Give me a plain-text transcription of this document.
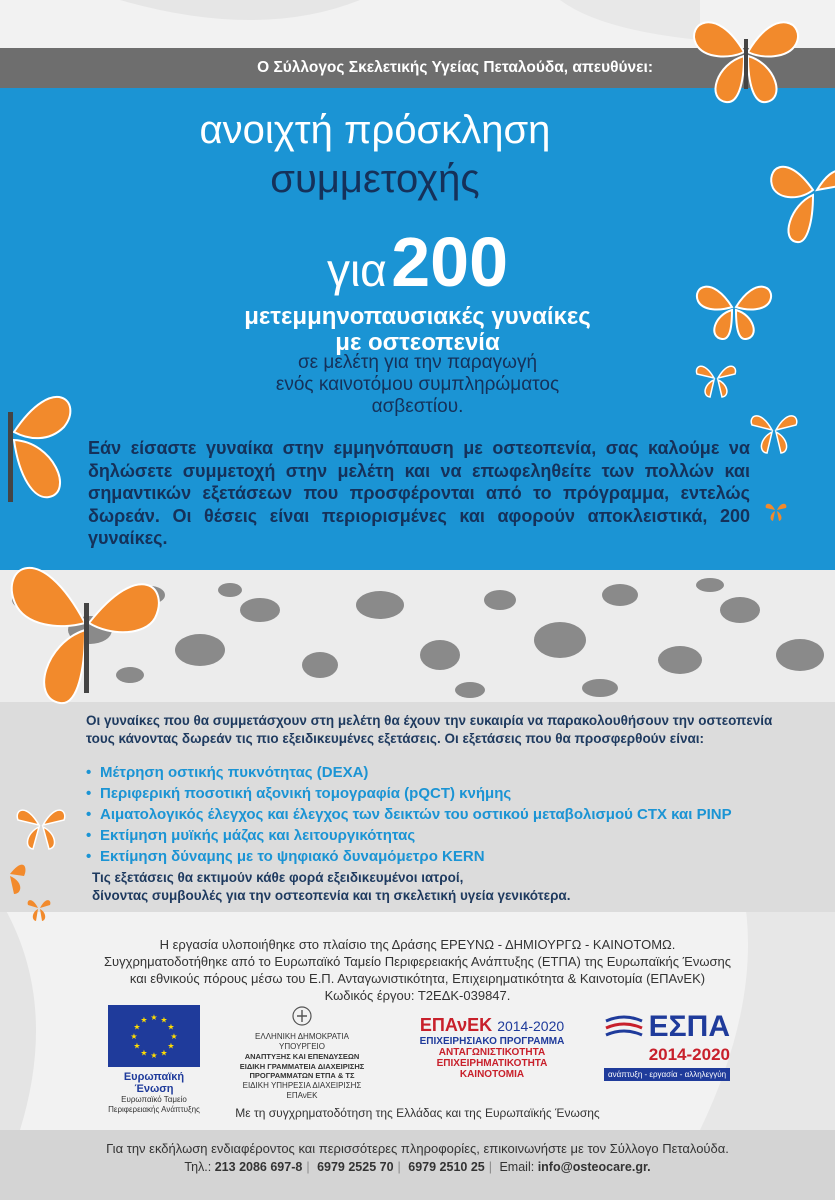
Ο Σύλλογος Σκελετικής Υγείας Πεταλούδα, απευθύνει:
ανοιχτή πρόσκληση
συμμετοχής
για 200
μετεμμηνοπαυσιακές γυναίκες
με οστεοπενία
σε μελέτη για την παραγωγή
ενός καινοτόμου συμπληρώματος
ασβεστίου.
Εάν είσαστε γυναίκα στην εμμηνόπαυση με οστεοπενία, σας καλούμε να δηλώσετε συμμετοχή στην μελέτη και να επωφεληθείτε των πολλών και σημαντικών εξετάσεων που προσφέρονται από το πρόγραμμα, εντελώς δωρεάν. Οι θέσεις είναι περιορισμένες και αφορούν αποκλειστικά, 200 γυναίκες.
Οι γυναίκες που θα συμμετάσχουν στη μελέτη θα έχουν την ευκαιρία να παρακολουθήσουν την οστεοπενία τους κάνοντας δωρεάν τις πιο εξειδικευμένες εξετάσεις. Οι εξετάσεις που θα προσφερθούν είναι:
• Μέτρηση οστικής πυκνότητας (DEXA)
• Περιφερική ποσοτική αξονική τομογραφία (pQCT) κνήμης
• Αιματολογικός έλεγχος και έλεγχος των δεικτών του οστικού μεταβολισμού CTX και PINP
• Εκτίμηση μυϊκής μάζας και λειτουργικότητας
• Εκτίμηση δύναμης με το ψηφιακό δυναμόμετρο KERN
Τις εξετάσεις θα εκτιμούν κάθε φορά εξειδικευμένοι ιατροί,
δίνοντας συμβουλές για την οστεοπενία και τη σκελετική υγεία γενικότερα.
Η εργασία υλοποιήθηκε στο πλαίσιο της Δράσης ΕΡΕΥΝΩ - ΔΗΜΙΟΥΡΓΩ - ΚΑΙΝΟΤΟΜΩ.
Συγχρηματοδοτήθηκε από το Ευρωπαϊκό Ταμείο Περιφερειακής Ανάπτυξης (ΕΤΠΑ) της Ευρωπαϊκής Ένωσης
και εθνικούς πόρους μέσω του Ε.Π. Ανταγωνιστικότητα, Επιχειρηματικότητα & Καινοτομία (ΕΠΑνΕΚ)
Κωδικός έργου: Τ2ΕΔΚ-039847.
★ ★
★
★
★
★
★
★
★
★
★
★
Ευρωπαϊκή Ένωση
Ευρωπαϊκό Ταμείο
Περιφερειακής Ανάπτυξης
ΕΛΛΗΝΙΚΗ ΔΗΜΟΚΡΑΤΙΑ
ΥΠΟΥΡΓΕΙΟ
ΑΝΑΠΤΥΞΗΣ ΚΑΙ ΕΠΕΝΔΥΣΕΩΝ
ΕΙΔΙΚΗ ΓΡΑΜΜΑΤΕΙΑ ΔΙΑΧΕΙΡΙΣΗΣ
ΠΡΟΓΡΑΜΜΑΤΩΝ ΕΤΠΑ & ΤΣ
ΕΙΔΙΚΗ ΥΠΗΡΕΣΙΑ ΔΙΑΧΕΙΡΙΣΗΣ ΕΠΑνΕΚ
ΕΠΑνΕΚ 2014-2020
ΕΠΙΧΕΙΡΗΣΙΑΚΟ ΠΡΟΓΡΑΜΜΑ
ΑΝΤΑΓΩΝΙΣΤΙΚΟΤΗΤΑ
ΕΠΙΧΕΙΡΗΜΑΤΙΚΟΤΗΤΑ
ΚΑΙΝΟΤΟΜΙΑ
ΕΣΠΑ
2014-2020
ανάπτυξη - εργασία - αλληλεγγύη
Με τη συγχρηματοδότηση της Ελλάδας και της Ευρωπαϊκής Ένωσης
Για την εκδήλωση ενδιαφέροντος και περισσότερες πληροφορίες, επικοινωνήστε με τον Σύλλογο Πεταλούδα.
Τηλ.: 213 2086 697-8 | 6979 2525 70 | 6979 2510 25 | Email: info@osteocare.gr.
